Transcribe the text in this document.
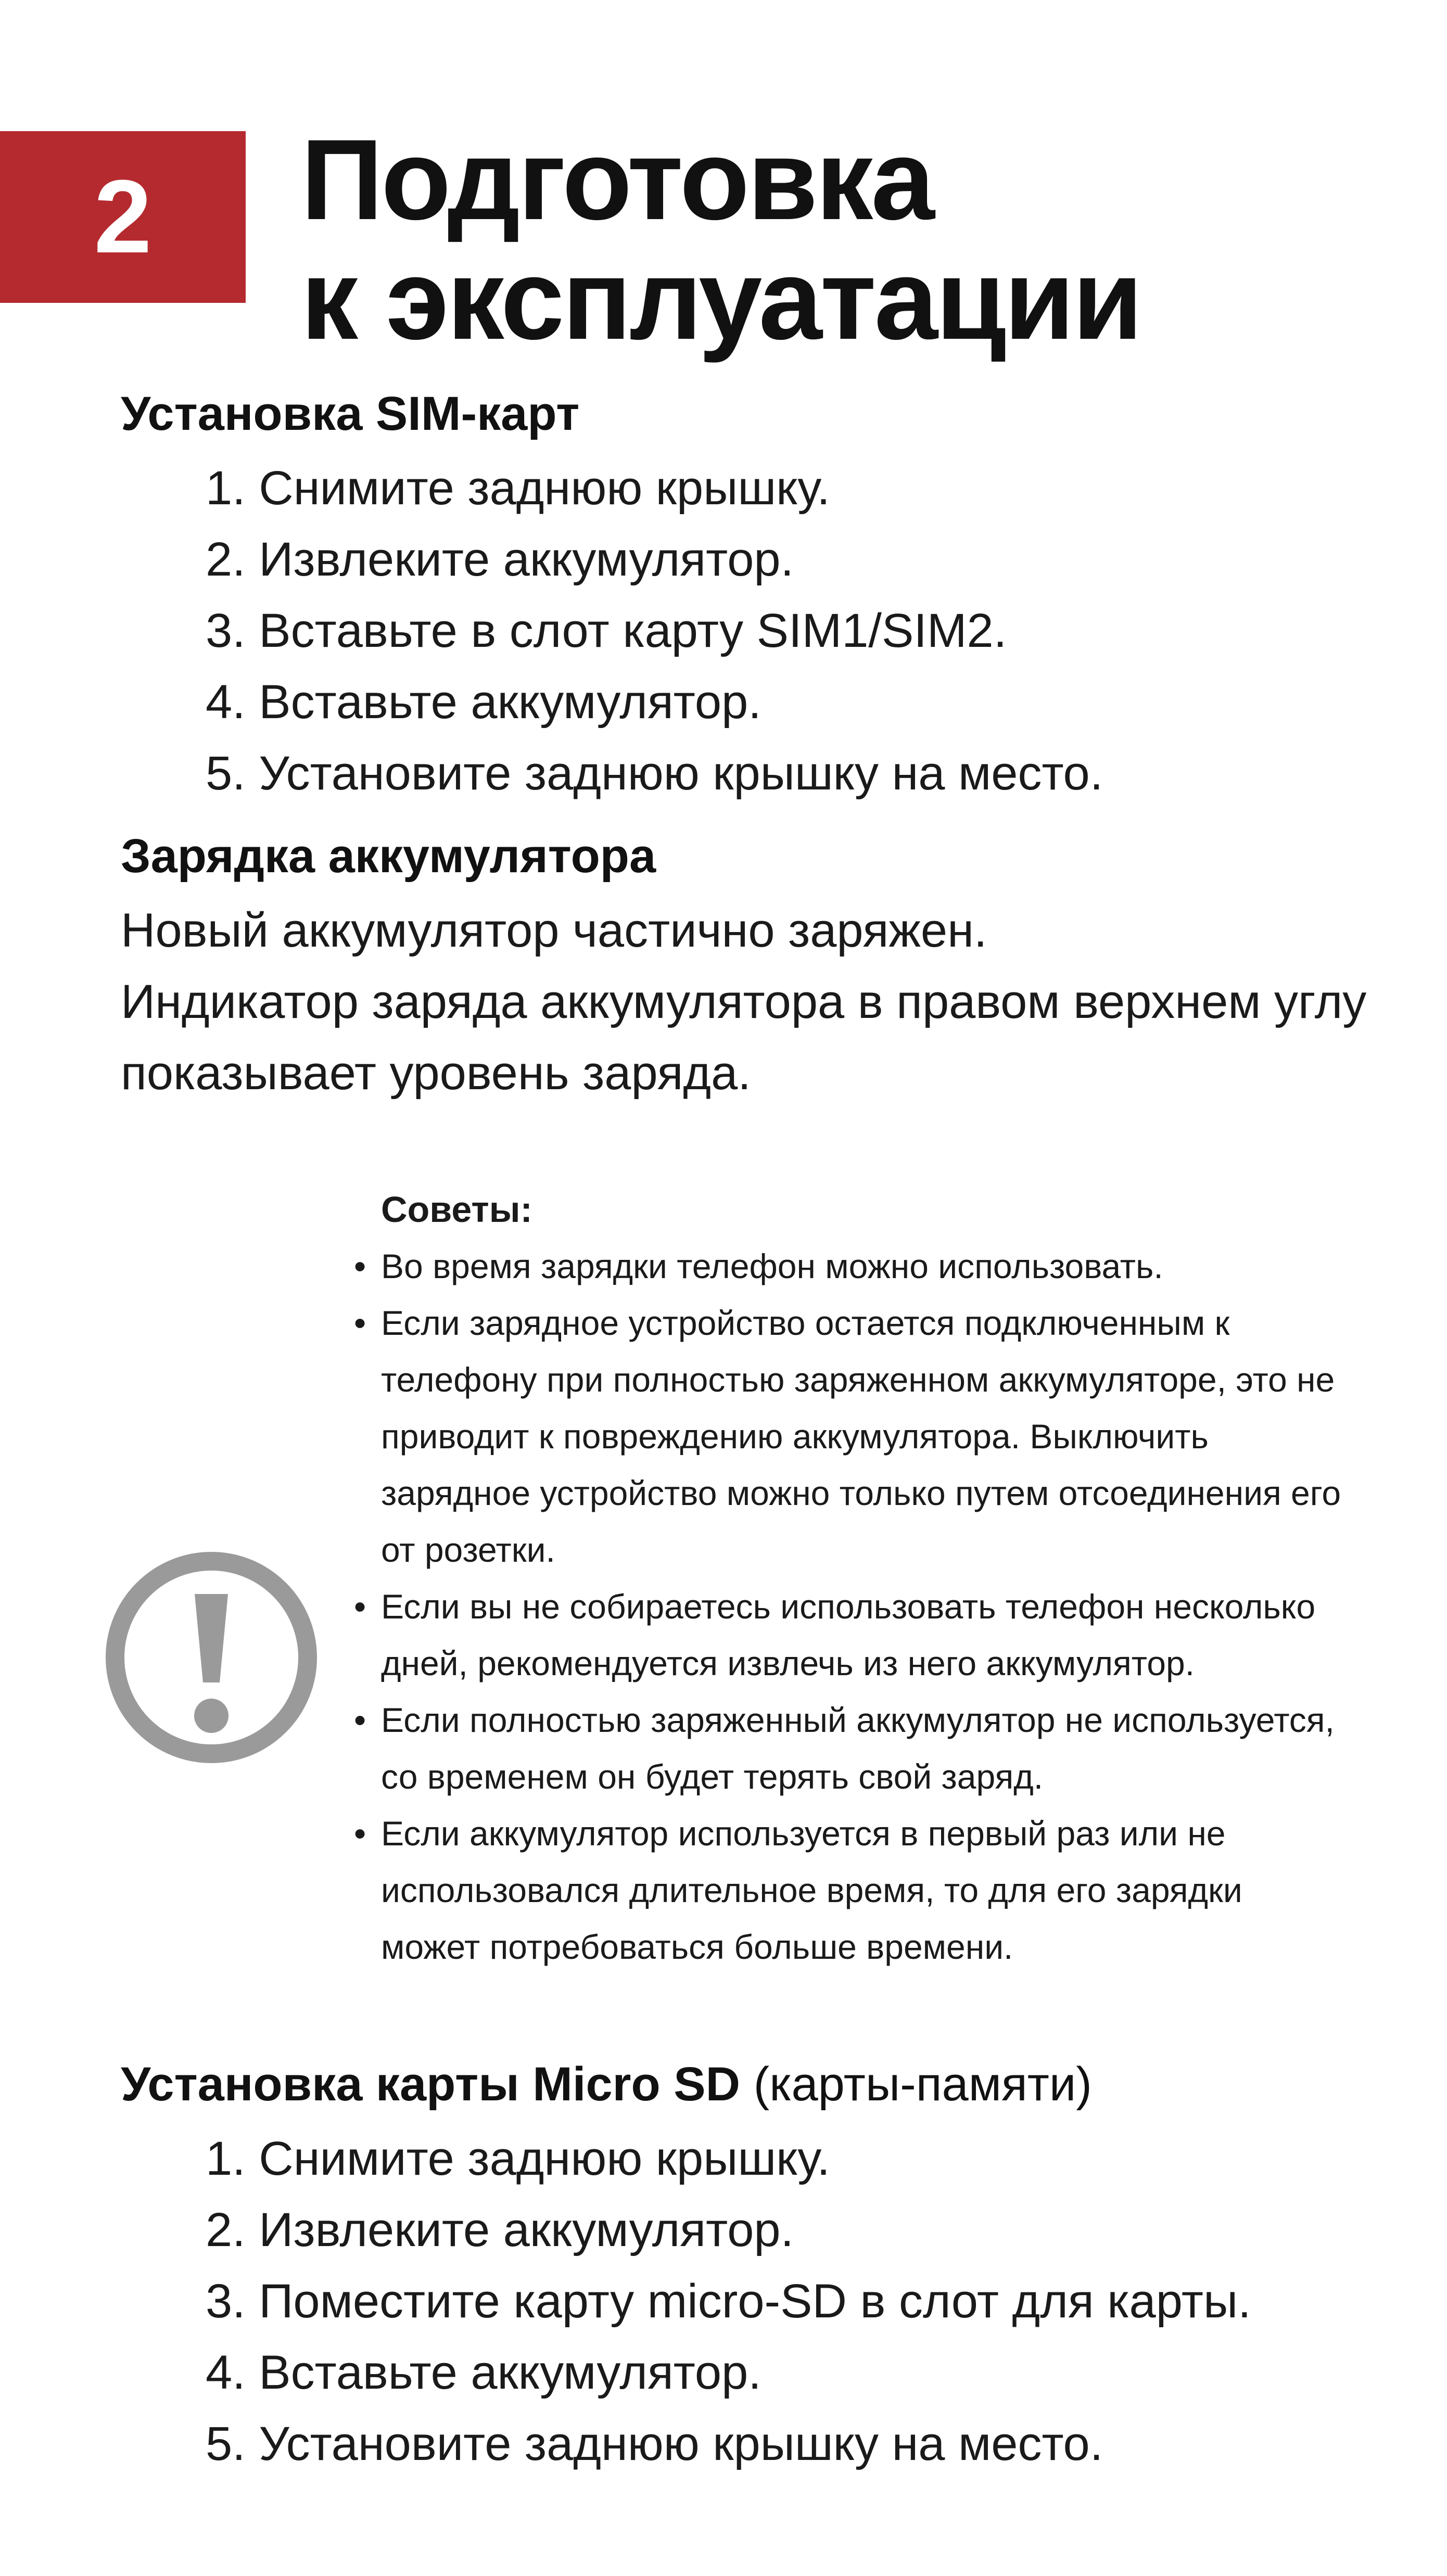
2 Подготовка
к эксплуатации
Установка SIM-карт
1. Снимите заднюю крышку.
2. Извлеките аккумулятор.
3. Вставьте в слот карту SIM1/SIM2.
4. Вставьте аккумулятор.
5. Установите заднюю крышку на место.
Зарядка аккумулятора

Новый аккумулятор частично заряжен.

Индикатор заряда аккумулятора в правом верхнем углу

показывает уровень заряда.

Советы:
• Во время зарядки телефон можно использовать.
• Если зарядное устройство остается подключенным к телефону при полностью заряженном аккумуляторе, это не приводит к повреждению аккумулятора. Выключить зарядное устройство можно только путем отсоединения его от розетки.
• Если вы не собираетесь использовать телефон несколько дней, рекомендуется извлечь из него аккумулятор.
• Если полностью заряженный аккумулятор не используется, со временем он будет терять свой заряд.
• Если аккумулятор используется в первый раз или не использовался длительное время, то для его зарядки может потребоваться больше времени.
Установка карты Micro SD (карты-памяти)
1. Снимите заднюю крышку.
2. Извлеките аккумулятор.
3. Поместите карту micro-SD в слот для карты.
4. Вставьте аккумулятор.
5. Установите заднюю крышку на место.
